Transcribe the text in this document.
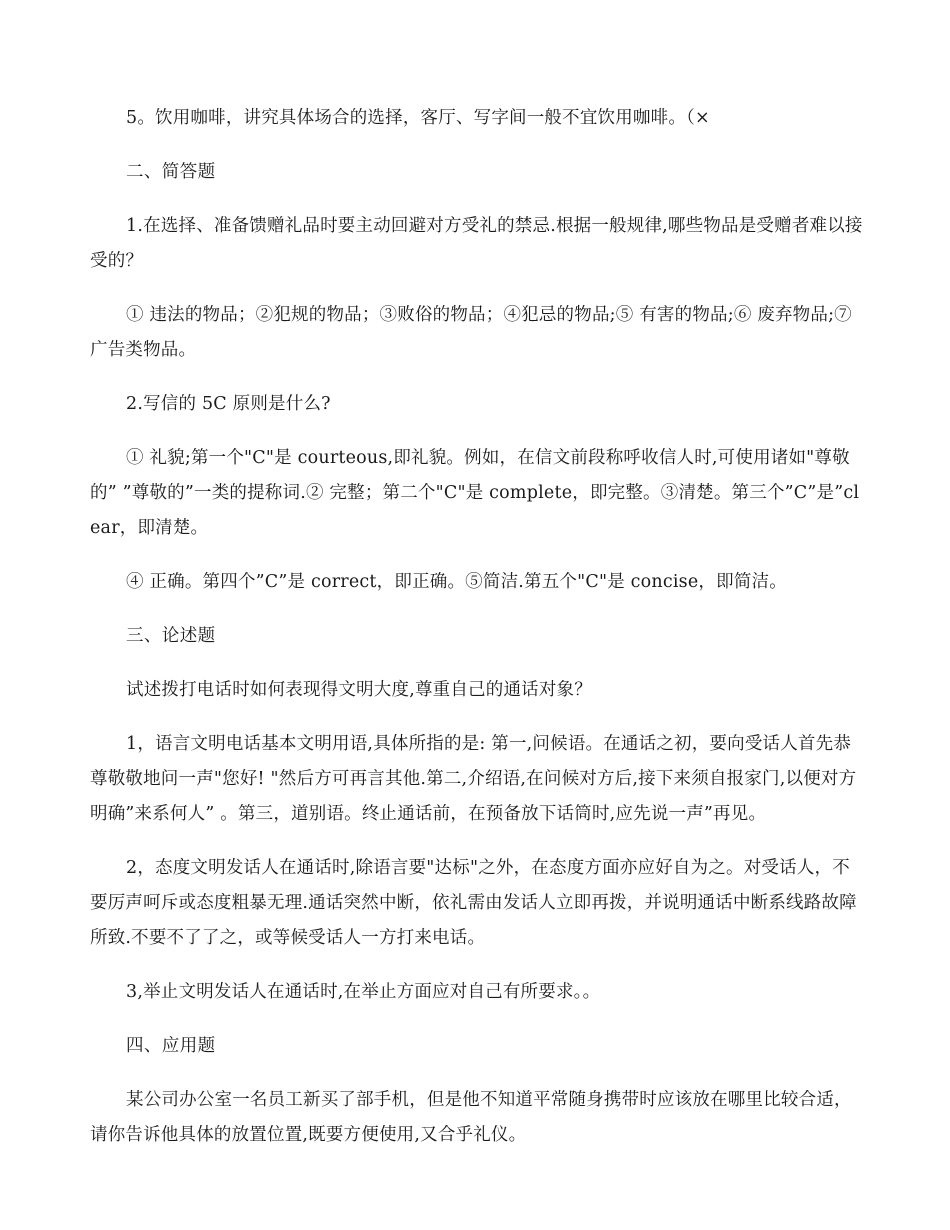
5。饮用咖啡，讲究具体场合的选择，客厅、写字间一般不宜饮用咖啡。（×

二、简答题

1.在选择、准备馈赠礼品时要主动回避对方受礼的禁忌.根据一般规律,哪些物品是受赠者难以接受的？

① 违法的物品；②犯规的物品；③败俗的物品；④犯忌的物品;⑤ 有害的物品;⑥ 废弃物品;⑦ 广告类物品。

2.写信的 5C 原则是什么?

① 礼貌;第一个"C"是 courteous,即礼貌。例如，在信文前段称呼收信人时,可使用诸如"尊敬的” ”尊敬的”一类的提称词.② 完整；第二个"C"是 complete，即完整。③清楚。第三个”C”是”clear，即清楚。

④ 正确。第四个”C”是 correct，即正确。⑤简洁.第五个"C"是 concise，即简洁。

三、论述题

试述拨打电话时如何表现得文明大度,尊重自己的通话对象？

1，语言文明电话基本文明用语,具体所指的是: 第一,问候语。在通话之初，要向受话人首先恭尊敬敬地问一声"您好! "然后方可再言其他.第二,介绍语,在问候对方后,接下来须自报家门,以便对方明确”来系何人” 。第三，道别语。终止通话前，在预备放下话筒时,应先说一声”再见。

2，态度文明发话人在通话时,除语言要"达标"之外，在态度方面亦应好自为之。对受话人，不要厉声呵斥或态度粗暴无理.通话突然中断，依礼需由发话人立即再拨，并说明通话中断系线路故障所致.不要不了了之，或等候受话人一方打来电话。

3,举止文明发话人在通话时,在举止方面应对自己有所要求。。

四、应用题

某公司办公室一名员工新买了部手机，但是他不知道平常随身携带时应该放在哪里比较合适，请你告诉他具体的放置位置,既要方便使用,又合乎礼仪。
